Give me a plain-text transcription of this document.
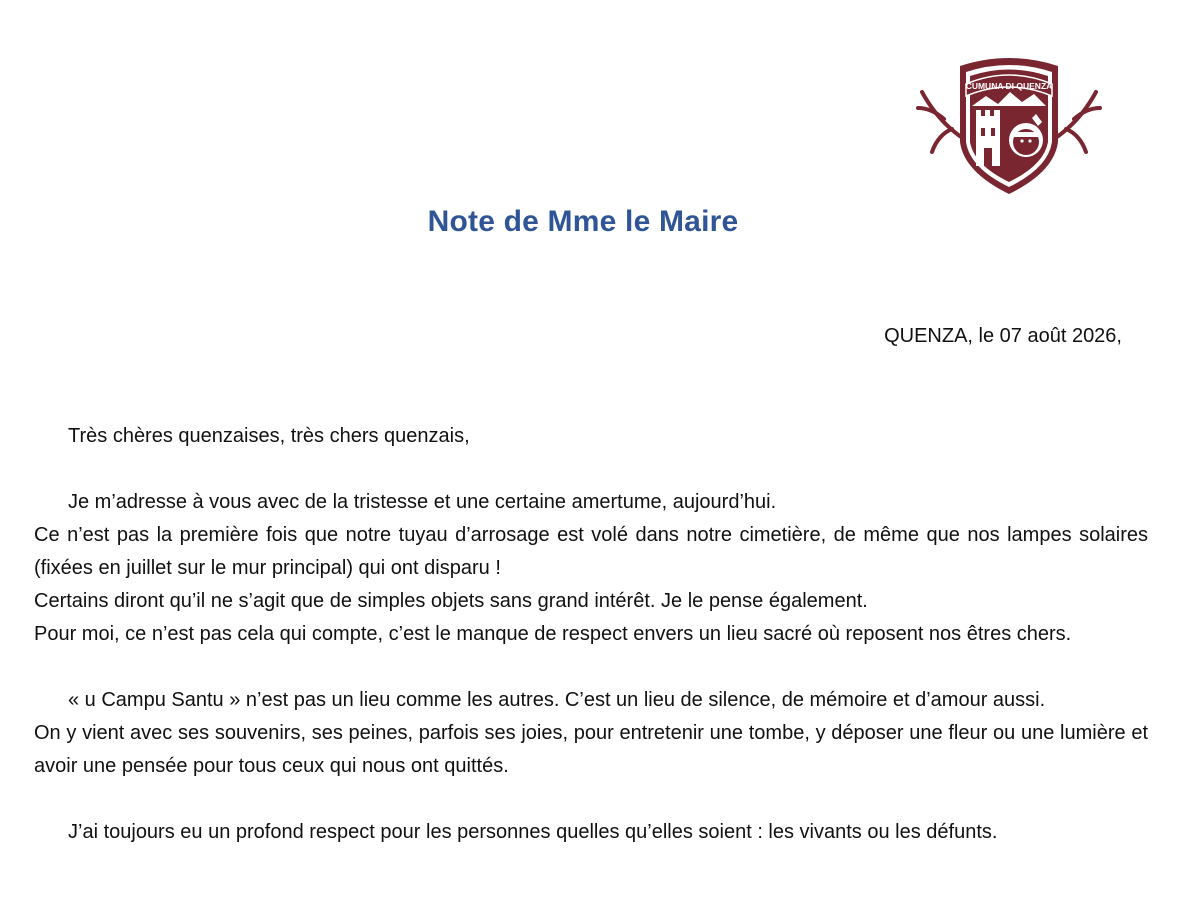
CUMUNA DI QUENZA
Note de Mme le Maire
QUENZA, le 07 août 2026,

Très chères quenzaises, très chers quenzais,

Je m’adresse à vous avec de la tristesse et une certaine amertume, aujourd’hui.

Ce n’est pas la première fois que notre tuyau d’arrosage est volé dans notre cimetière, de même que nos lampes solaires (fixées en juillet sur le mur principal) qui ont disparu !

Certains diront qu’il ne s’agit que de simples objets sans grand intérêt. Je le pense également.

Pour moi, ce n’est pas cela qui compte, c’est le manque de respect envers un lieu sacré où reposent nos êtres chers.

« u Campu Santu » n’est pas un lieu comme les autres. C’est un lieu de silence, de mémoire et d’amour aussi.

On y vient avec ses souvenirs, ses peines, parfois ses joies, pour entretenir une tombe, y déposer une fleur ou une lumière et avoir une pensée pour tous ceux qui nous ont quittés.

J’ai toujours eu un profond respect pour les personnes quelles qu’elles soient : les vivants ou les défunts.
